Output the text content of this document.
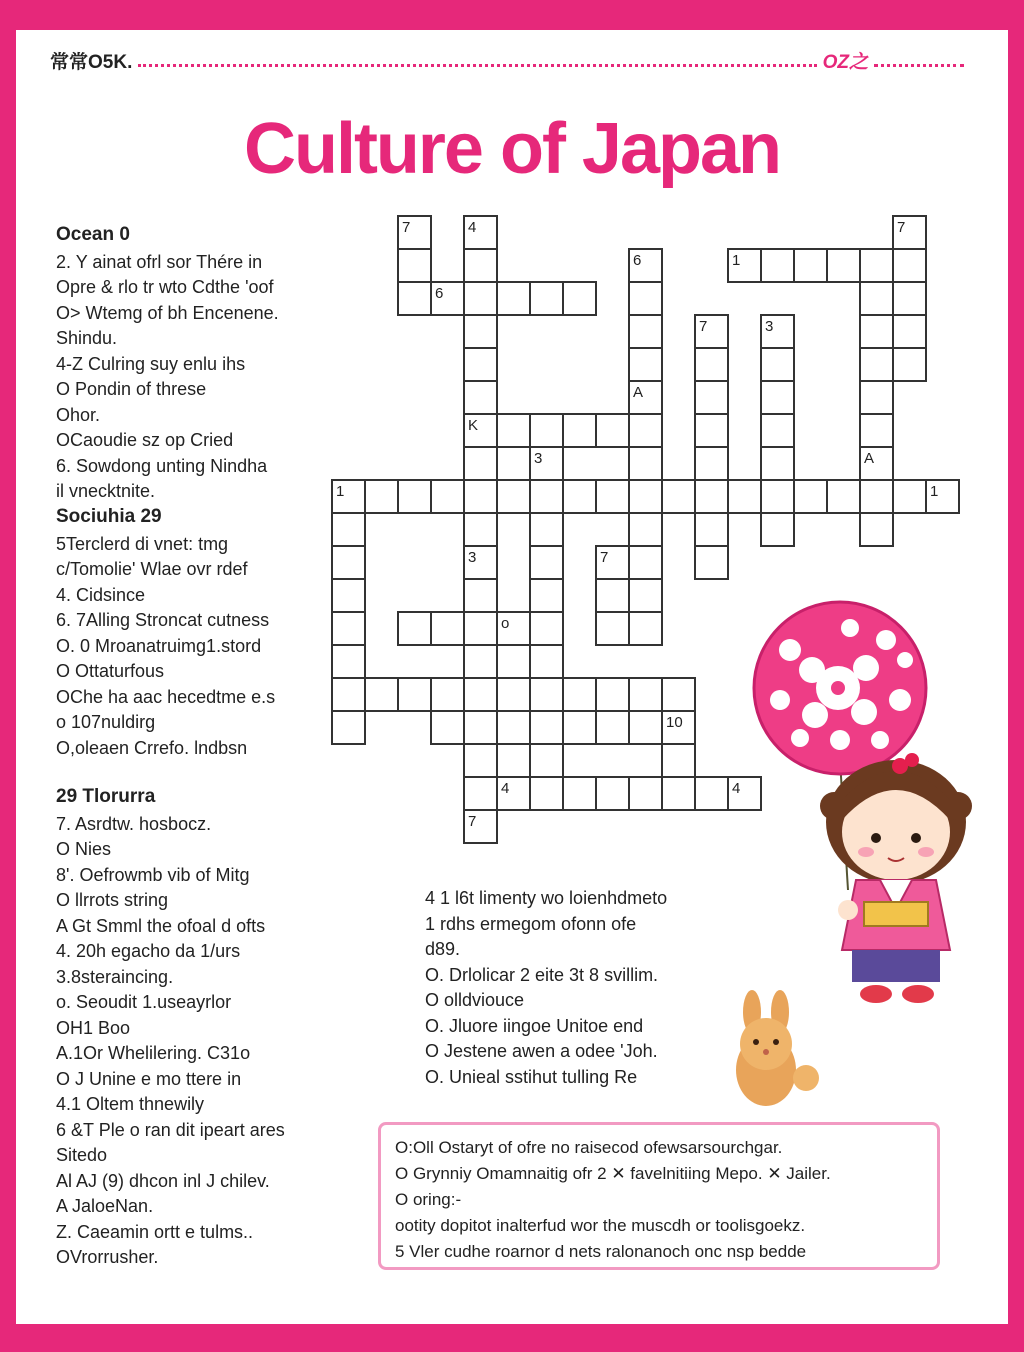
常常O5K.	OZ之
Culture of Japan
Ocean 0

2. Y ainat ofrl sor Thére in

Opre & rlo tr wto Cdthe 'oof

O> Wtemg of bh Encenene.

Shindu.

4-Z Culring suy enlu ihs

O Pondin of threse

Ohor.

OCaoudie sz op Cried

6. Sowdong unting Nindha

il vnecktnite.

Sociuhia 29

5Terclerd di vnet: tmg

c/Tomolie' Wlae ovr rdef

4. Cidsince

6. 7Alling Stroncat cutness

O. 0 Mroanatruimg1.stord

O Ottaturfous

OChe ha aac hecedtme e.s

o 107nuldirg

O,oleaen Crrefo. lndbsn

29 Tlorurra

7. Asrdtw. hosbocz.

O Nies

8'. Oefrowmb vib of Mitg

O llrrots string

A Gt Smml the ofoal d ofts

4. 20h egacho da 1/urs

3.8steraincing.

o. Seoudit 1.useayrlor

OH1 Boo

A.1Or Whelilering. C31o

O J Unine e mo ttere in

4.1 Oltem thnewily

6 &T Ple o ran dit ipeart ares

Sitedo

Al AJ (9) dhcon inl J chilev.

A JaloeNan.

Z. Caeamin ortt e tulms..

OVrorrusher.

4 1 l6t limenty wo loienhdmeto

1 rdhs ermegom ofonn ofe

d89.

O. Drlolicar 2 eite 3t 8 svillim.

O olldviouce

O. Jluore iingoe Unitoe end

O Jestene awen a odee 'Joh.

O. Unieal sstihut tulling Re

O:Oll Ostaryt of ofre no raisecod ofewsarsourchgar.

O Grynniy Omamnaitig ofr 2 ✕ favelnitiing Mepo. ✕ Jailer.

O oring:-

ootity dopitot inalterfud wor the muscdh or toolisgoekz.

5 Vler cudhe roarnor d nets ralonanoch onc nsp bedde

7	4	7
6
6
1
7	3
A
K
3	A
1	1
3	7
o
10
4	4
7
